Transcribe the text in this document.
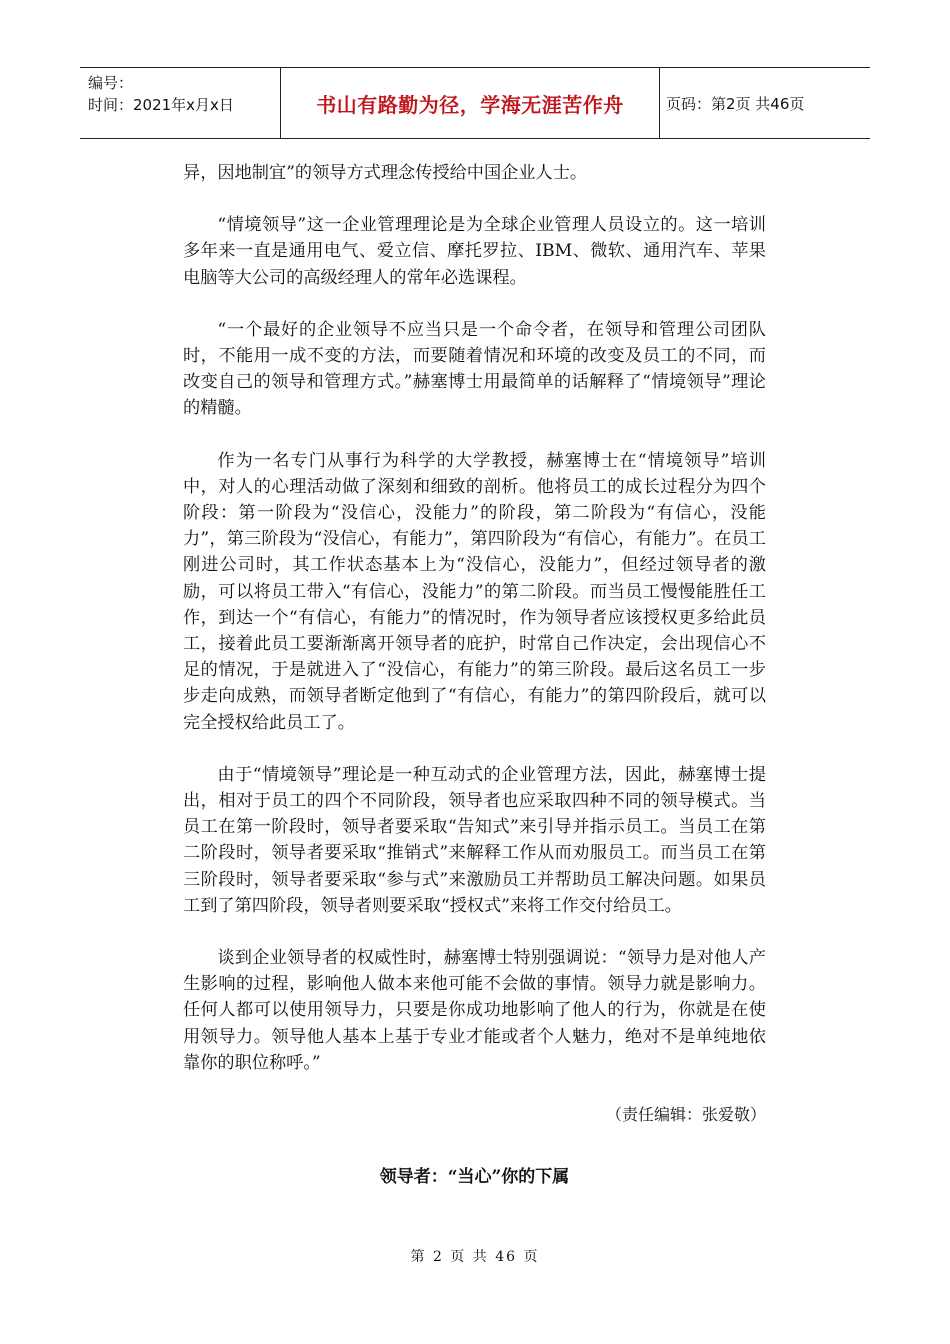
编号：
时间：2021年x月x日	书山有路勤为径，学海无涯苦作舟	页码：第2页 共46页

异，因地制宜”的领导方式理念传授给中国企业人士。

“情境领导”这一企业管理理论是为全球企业管理人员设立的。这一培训多年来一直是通用电气、爱立信、摩托罗拉、IBM、微软、通用汽车、苹果电脑等大公司的高级经理人的常年必选课程。

“一个最好的企业领导不应当只是一个命令者，在领导和管理公司团队时，不能用一成不变的方法，而要随着情况和环境的改变及员工的不同，而改变自己的领导和管理方式。”赫塞博士用最简单的话解释了“情境领导”理论的精髓。

作为一名专门从事行为科学的大学教授，赫塞博士在“情境领导”培训中，对人的心理活动做了深刻和细致的剖析。他将员工的成长过程分为四个阶段：第一阶段为“没信心，没能力”的阶段，第二阶段为“有信心，没能力”，第三阶段为“没信心，有能力”，第四阶段为“有信心，有能力”。在员工刚进公司时，其工作状态基本上为“没信心，没能力”，但经过领导者的激励，可以将员工带入“有信心，没能力”的第二阶段。而当员工慢慢能胜任工作，到达一个“有信心，有能力”的情况时，作为领导者应该授权更多给此员工，接着此员工要渐渐离开领导者的庇护，时常自己作决定，会出现信心不足的情况，于是就进入了“没信心，有能力”的第三阶段。最后这名员工一步步走向成熟，而领导者断定他到了“有信心，有能力”的第四阶段后，就可以完全授权给此员工了。

由于“情境领导”理论是一种互动式的企业管理方法，因此，赫塞博士提出，相对于员工的四个不同阶段，领导者也应采取四种不同的领导模式。当员工在第一阶段时，领导者要采取“告知式”来引导并指示员工。当员工在第二阶段时，领导者要采取“推销式”来解释工作从而劝服员工。而当员工在第三阶段时，领导者要采取“参与式”来激励员工并帮助员工解决问题。如果员工到了第四阶段，领导者则要采取“授权式”来将工作交付给员工。

谈到企业领导者的权威性时，赫塞博士特别强调说：“领导力是对他人产生影响的过程，影响他人做本来他可能不会做的事情。领导力就是影响力。任何人都可以使用领导力，只要是你成功地影响了他人的行为，你就是在使用领导力。领导他人基本上基于专业才能或者个人魅力，绝对不是单纯地依靠你的职位称呼。”

（责任编辑：张爱敬）

领导者：“当心”你的下属
第 2 页 共 46 页
